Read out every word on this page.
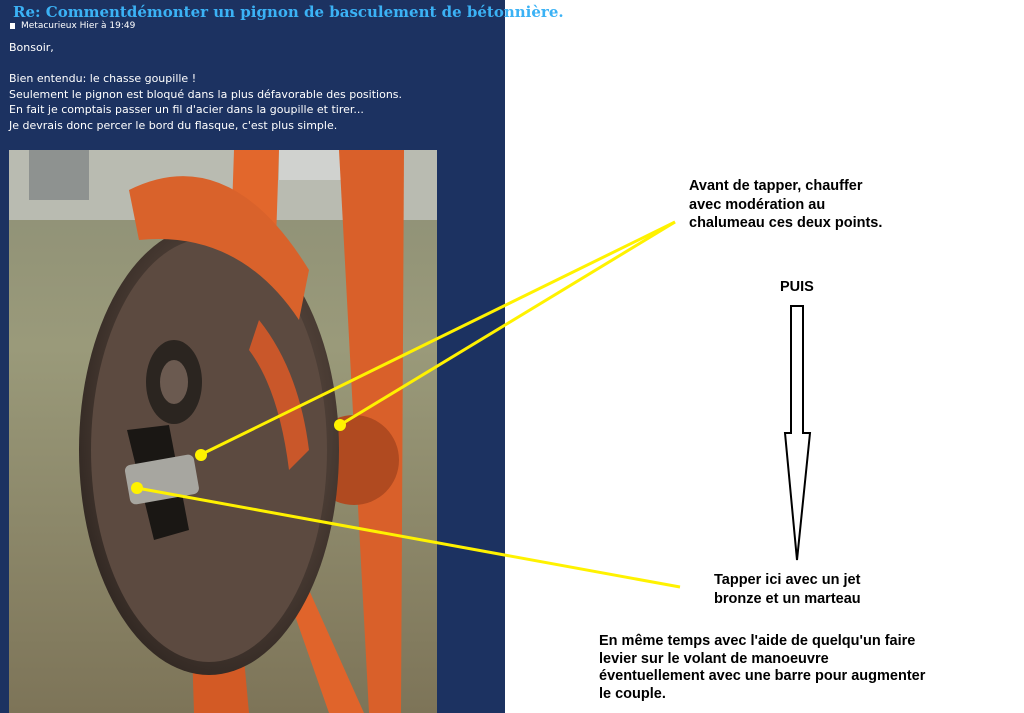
Re: Commentdémonter un pignon de basculement de bétonnière.
Metacurieux Hier à 19:49
Bonsoir,
Bien entendu: le chasse goupille !
Seulement le pignon est bloqué dans la plus défavorable des positions.
En fait je comptais passer un fil d'acier dans la goupille et tirer...
Je devrais donc percer le bord du flasque, c'est plus simple.
Avant de tapper, chauffer
avec modération au
chalumeau ces deux points.
PUIS
Tapper ici avec un jet
bronze et un marteau
En même temps avec l'aide de quelqu'un faire
levier sur le volant de manoeuvre
éventuellement avec une barre pour augmenter
le couple.
